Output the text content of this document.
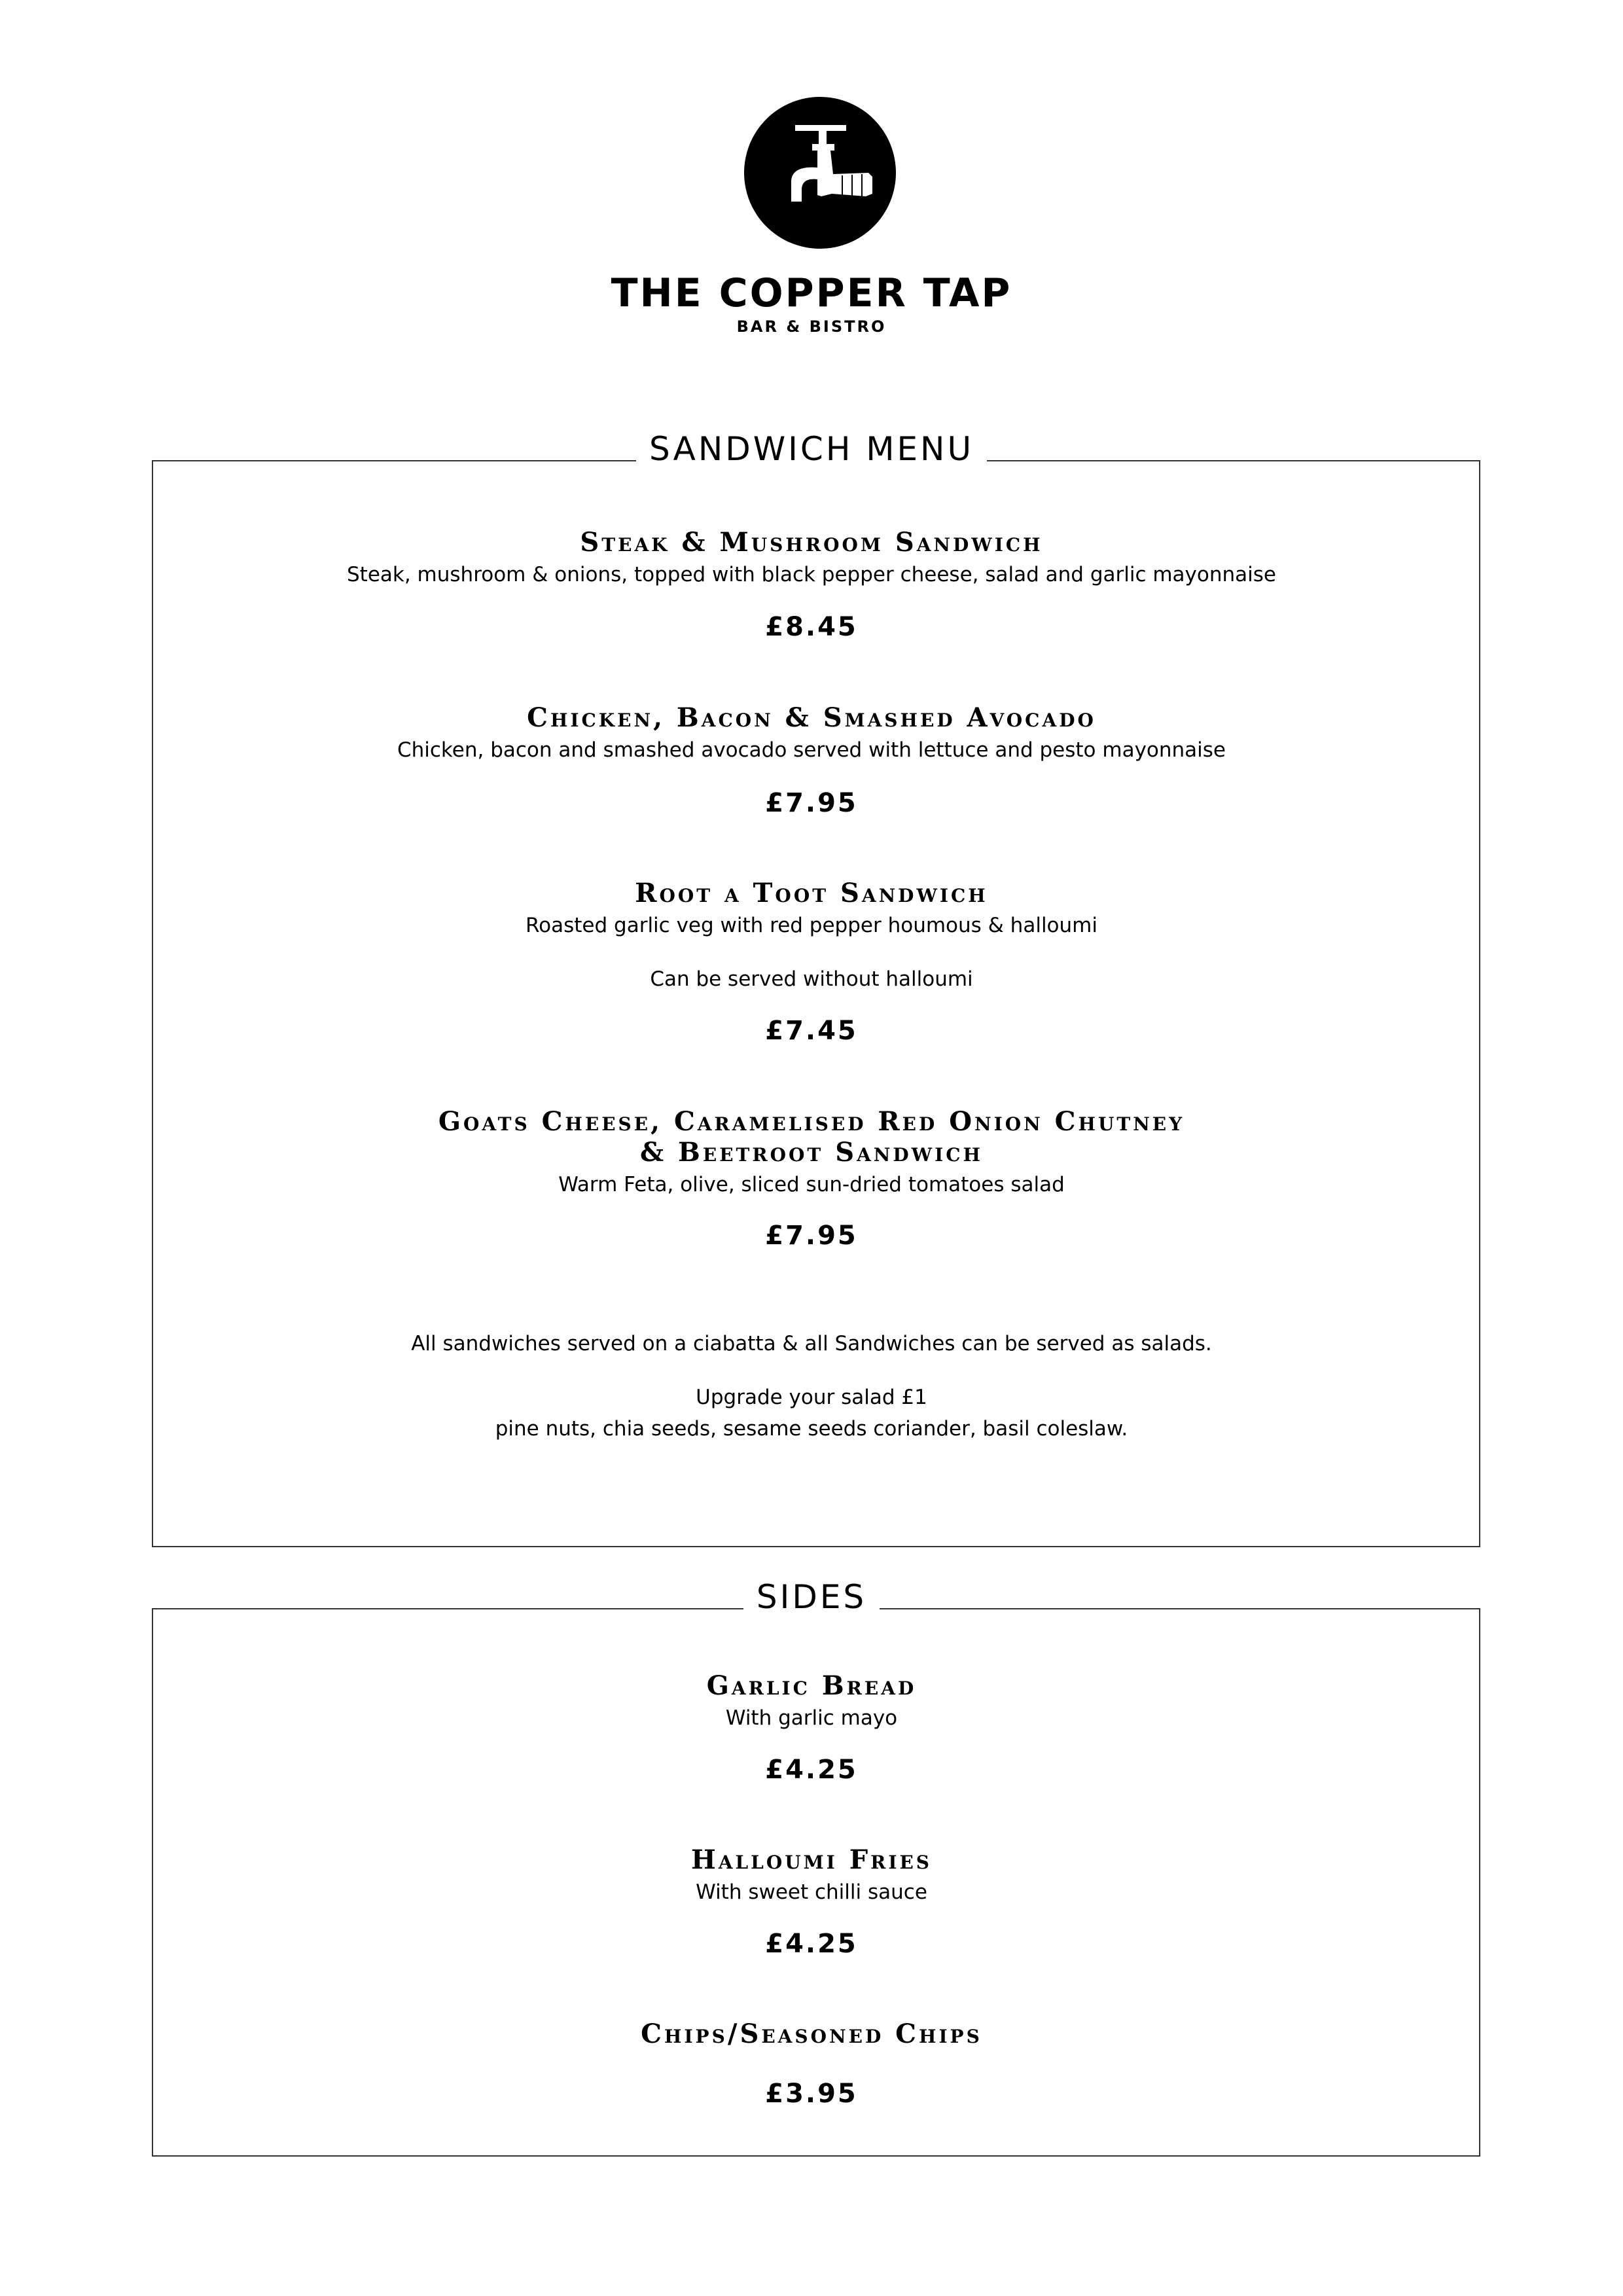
THE COPPER TAP
BAR & BISTRO
SANDWICH MENU
Steak & Mushroom Sandwich
Steak, mushroom & onions, topped with black pepper cheese, salad and garlic mayonnaise
£8.45
Chicken, Bacon & Smashed Avocado
Chicken, bacon and smashed avocado served with lettuce and pesto mayonnaise
£7.95
Root a Toot Sandwich
Roasted garlic veg with red pepper houmous & halloumi
Can be served without halloumi
£7.45
Goats Cheese, Caramelised Red Onion Chutney
& Beetroot Sandwich
Warm Feta, olive, sliced sun-dried tomatoes salad
£7.95
All sandwiches served on a ciabatta & all Sandwiches can be served as salads.
Upgrade your salad £1
pine nuts, chia seeds, sesame seeds coriander, basil coleslaw.
SIDES
Garlic Bread
With garlic mayo
£4.25
Halloumi Fries
With sweet chilli sauce
£4.25
Chips/Seasoned Chips
£3.95
